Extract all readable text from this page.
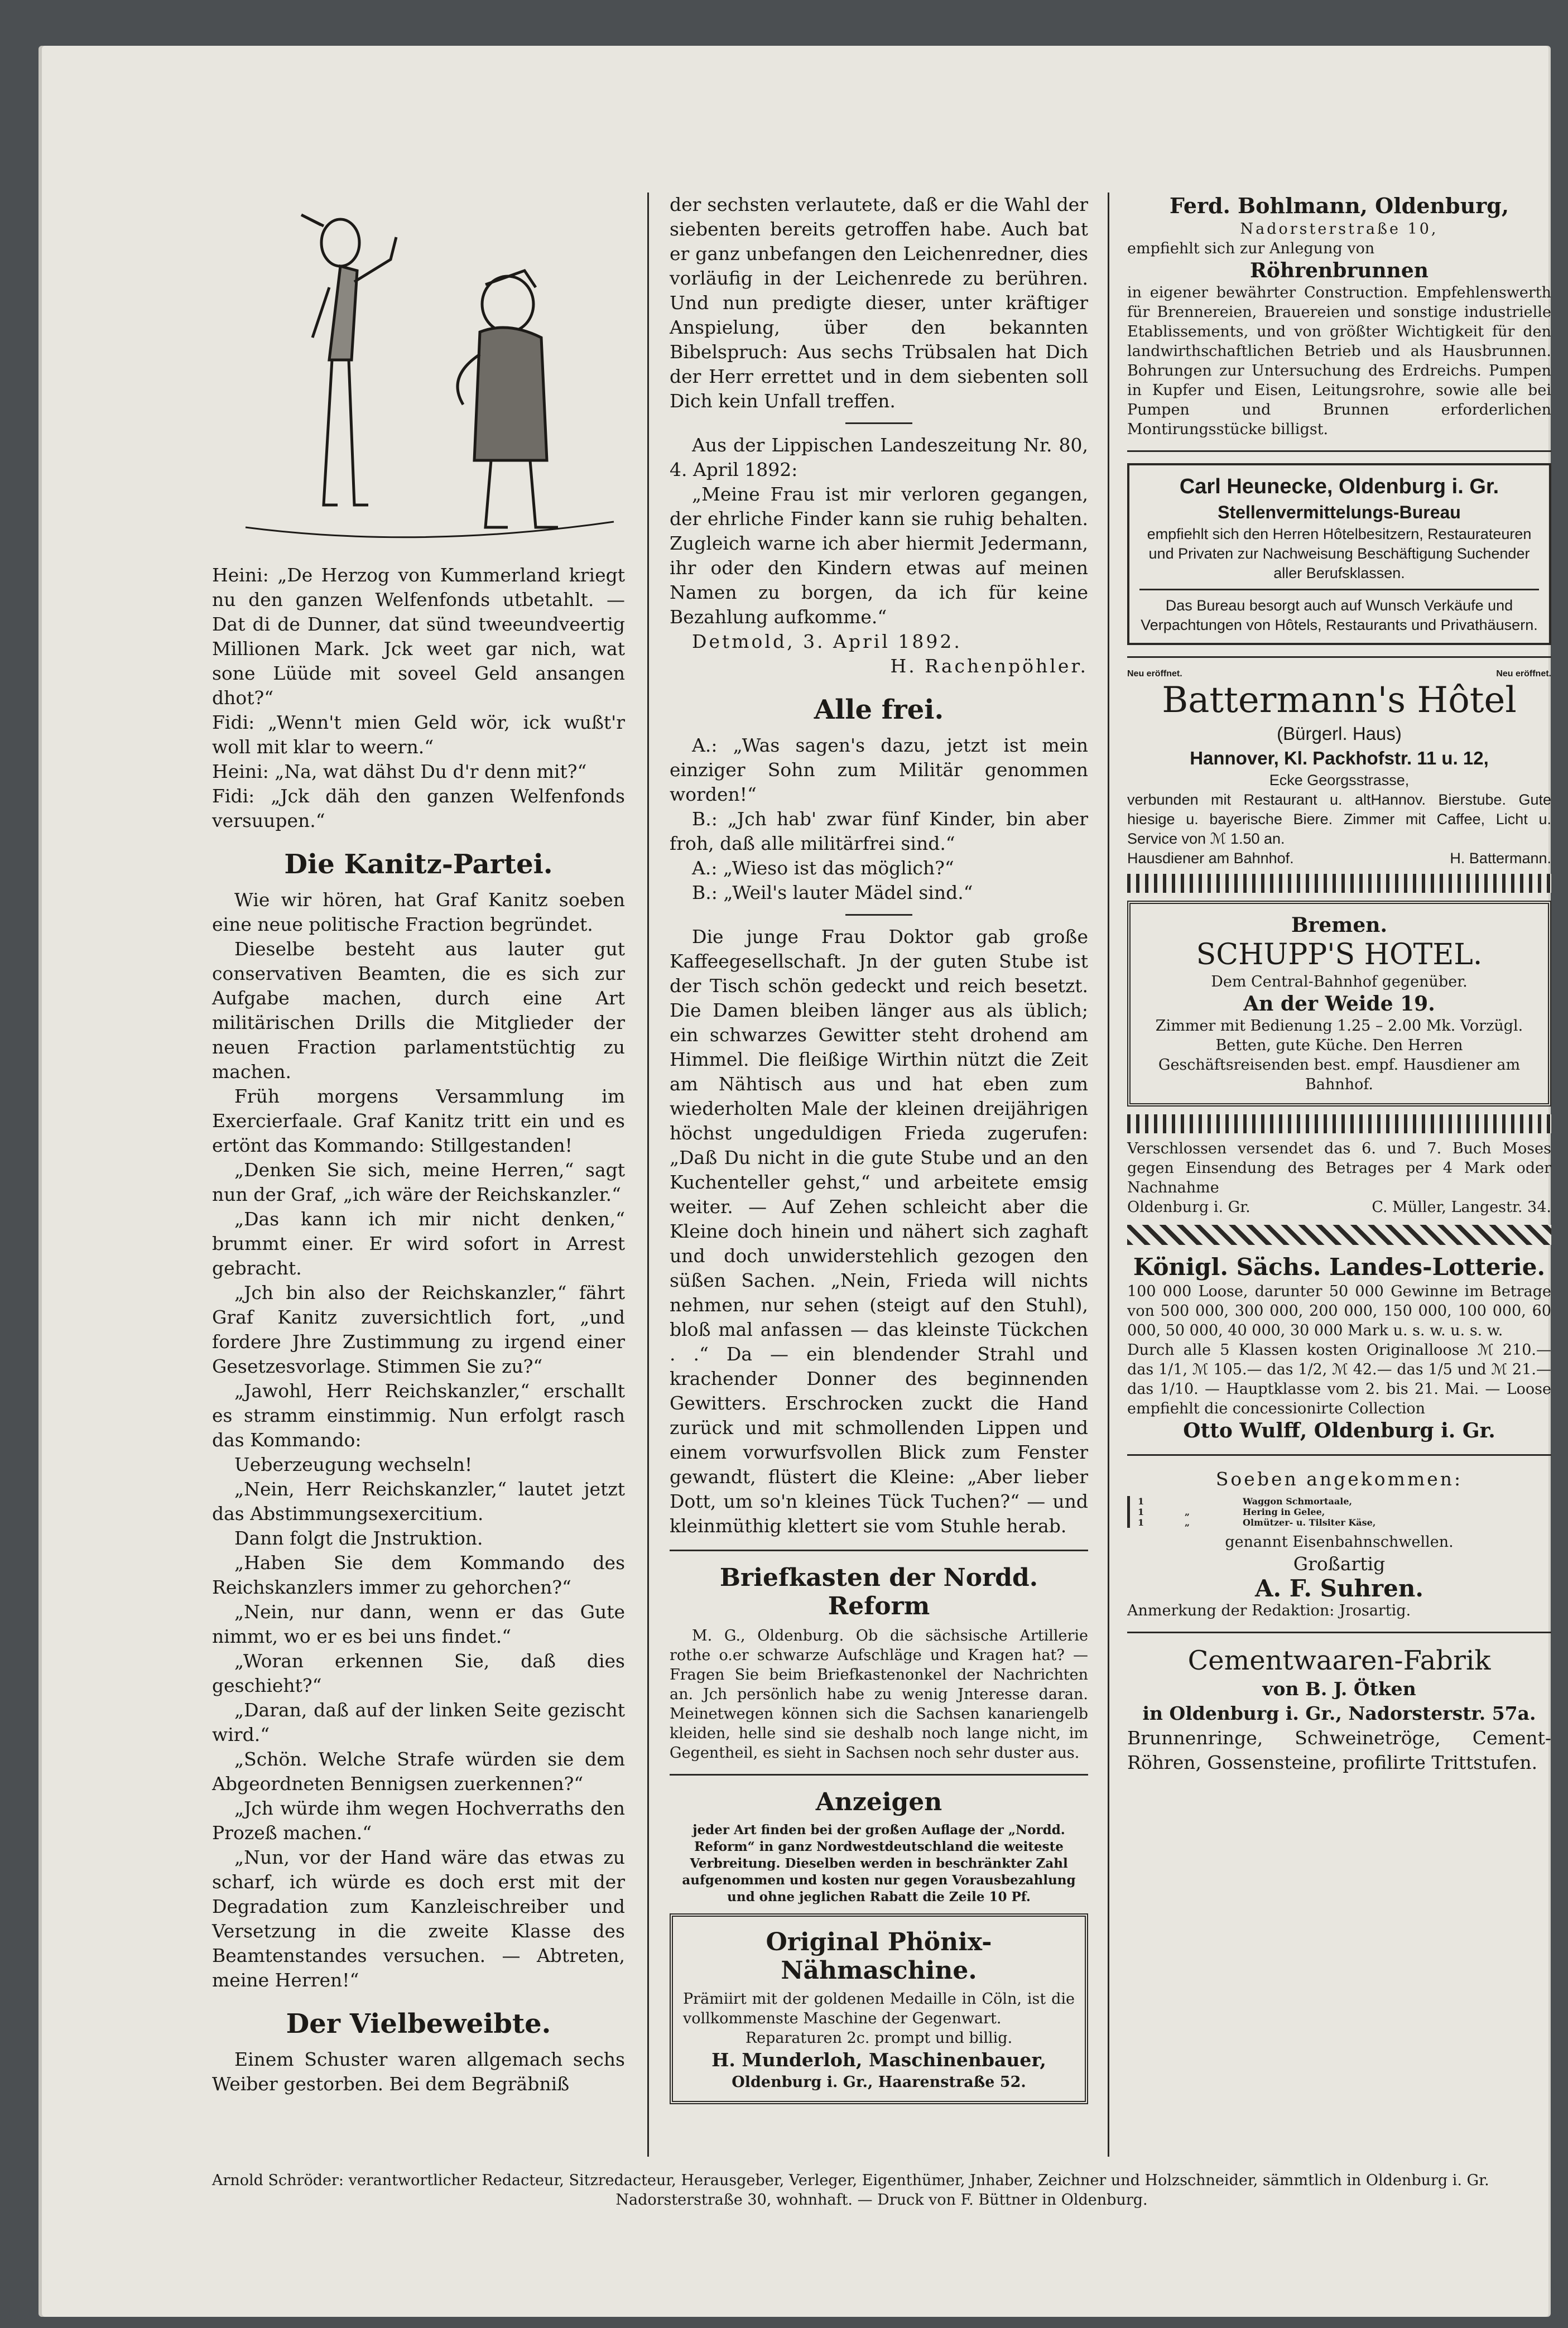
Heini: „De Herzog von Kummerland kriegt nu den ganzen Welfenfonds utbetahlt. — Dat di de Dunner, dat sünd tweeundveertig Millionen Mark. Jck weet gar nich, wat sone Lüüde mit soveel Geld ansangen dhot?“

Fidi: „Wenn't mien Geld wör, ick wußt'r woll mit klar to weern.“

Heini: „Na, wat dähst Du d'r denn mit?“

Fidi: „Jck däh den ganzen Welfenfonds versuupen.“

Die Kanitz-Partei.

Wie wir hören, hat Graf Kanitz soeben eine neue politische Fraction begründet.

Dieselbe besteht aus lauter gut conservativen Beamten, die es sich zur Aufgabe machen, durch eine Art militärischen Drills die Mitglieder der neuen Fraction parlamentstüchtig zu machen.

Früh morgens Versammlung im Exercierfaale. Graf Kanitz tritt ein und es ertönt das Kommando: Stillgestanden!

„Denken Sie sich, meine Herren,“ sagt nun der Graf, „ich wäre der Reichskanzler.“

„Das kann ich mir nicht denken,“ brummt einer. Er wird sofort in Arrest gebracht.

„Jch bin also der Reichskanzler,“ fährt Graf Kanitz zuversichtlich fort, „und fordere Jhre Zustimmung zu irgend einer Gesetzesvorlage. Stimmen Sie zu?“

„Jawohl, Herr Reichskanzler,“ erschallt es stramm einstimmig. Nun erfolgt rasch das Kommando:

Ueberzeugung wechseln!

„Nein, Herr Reichskanzler,“ lautet jetzt das Abstimmungsexercitium.

Dann folgt die Jnstruktion.

„Haben Sie dem Kommando des Reichskanzlers immer zu gehorchen?“

„Nein, nur dann, wenn er das Gute nimmt, wo er es bei uns findet.“

„Woran erkennen Sie, daß dies geschieht?“

„Daran, daß auf der linken Seite gezischt wird.“

„Schön. Welche Strafe würden sie dem Abgeordneten Bennigsen zuerkennen?“

„Jch würde ihm wegen Hochverraths den Prozeß machen.“

„Nun, vor der Hand wäre das etwas zu scharf, ich würde es doch erst mit der Degradation zum Kanzleischreiber und Versetzung in die zweite Klasse des Beamtenstandes versuchen. — Abtreten, meine Herren!“

Der Vielbeweibte.

Einem Schuster waren allgemach sechs Weiber gestorben. Bei dem Begräbniß

der sechsten verlautete, daß er die Wahl der siebenten bereits getroffen habe. Auch bat er ganz unbefangen den Leichenredner, dies vorläufig in der Leichenrede zu berühren. Und nun predigte dieser, unter kräftiger Anspielung, über den bekannten Bibelspruch: Aus sechs Trübsalen hat Dich der Herr errettet und in dem siebenten soll Dich kein Unfall treffen.

Aus der Lippischen Landeszeitung Nr. 80, 4. April 1892:

„Meine Frau ist mir verloren gegangen, der ehrliche Finder kann sie ruhig behalten. Zugleich warne ich aber hiermit Jedermann, ihr oder den Kindern etwas auf meinen Namen zu borgen, da ich für keine Bezahlung aufkomme.“

Detmold, 3. April 1892.

H. Rachenpöhler.

Alle frei.

A.: „Was sagen's dazu, jetzt ist mein einziger Sohn zum Militär genommen worden!“

B.: „Jch hab' zwar fünf Kinder, bin aber froh, daß alle militärfrei sind.“

A.: „Wieso ist das möglich?“

B.: „Weil's lauter Mädel sind.“

Die junge Frau Doktor gab große Kaffeegesellschaft. Jn der guten Stube ist der Tisch schön gedeckt und reich besetzt. Die Damen bleiben länger aus als üblich; ein schwarzes Gewitter steht drohend am Himmel. Die fleißige Wirthin nützt die Zeit am Nähtisch aus und hat eben zum wiederholten Male der kleinen dreijährigen höchst ungeduldigen Frieda zugerufen: „Daß Du nicht in die gute Stube und an den Kuchenteller gehst,“ und arbeitete emsig weiter. — Auf Zehen schleicht aber die Kleine doch hinein und nähert sich zaghaft und doch unwiderstehlich gezogen den süßen Sachen. „Nein, Frieda will nichts nehmen, nur sehen (steigt auf den Stuhl), bloß mal anfassen — das kleinste Tückchen . .“ Da — ein blendender Strahl und krachender Donner des beginnenden Gewitters. Erschrocken zuckt die Hand zurück und mit schmollenden Lippen und einem vorwurfsvollen Blick zum Fenster gewandt, flüstert die Kleine: „Aber lieber Dott, um so'n kleines Tück Tuchen?“ — und kleinmüthig klettert sie vom Stuhle herab.

Briefkasten der Nordd. Reform

M. G., Oldenburg. Ob die sächsische Artillerie rothe o.er schwarze Aufschläge und Kragen hat? — Fragen Sie beim Briefkastenonkel der Nachrichten an. Jch persönlich habe zu wenig Jnteresse daran. Meinetwegen können sich die Sachsen kanariengelb kleiden, helle sind sie deshalb noch lange nicht, im Gegentheil, es sieht in Sachsen noch sehr duster aus.

Anzeigen

jeder Art finden bei der großen Auflage der „Nordd. Reform“ in ganz Nordwestdeutschland die weiteste Verbreitung. Dieselben werden in beschränkter Zahl aufgenommen und kosten nur gegen Vorausbezahlung und ohne jeglichen Rabatt die Zeile 10 Pf.

Original Phönix-Nähmaschine.

Prämiirt mit der goldenen Medaille in Cöln, ist die vollkommenste Maschine der Gegenwart.

Reparaturen 2c. prompt und billig.

H. Munderloh, Maschinenbauer,

Oldenburg i. Gr., Haarenstraße 52.

Ferd. Bohlmann, Oldenburg,

Nadorsterstraße 10,

empfiehlt sich zur Anlegung von

Röhrenbrunnen

in eigener bewährter Construction. Empfehlenswerth für Brennereien, Brauereien und sonstige industrielle Etablissements, und von größter Wichtigkeit für den landwirthschaftlichen Betrieb und als Hausbrunnen. Bohrungen zur Untersuchung des Erdreichs. Pumpen in Kupfer und Eisen, Leitungsrohre, sowie alle bei Pumpen und Brunnen erforderlichen Montirungsstücke billigst.

Carl Heunecke, Oldenburg i. Gr.

Stellenvermittelungs-Bureau

empfiehlt sich den Herren Hôtelbesitzern, Restaurateuren und Privaten zur Nachweisung Beschäftigung Suchender aller Berufsklassen.

Das Bureau besorgt auch auf Wunsch Verkäufe und Verpachtungen von Hôtels, Restaurants und Privathäusern.

Neu eröffnet.	Neu eröffnet.

Battermann's Hôtel

(Bürgerl. Haus)

Hannover, Kl. Packhofstr. 11 u. 12,

Ecke Georgsstrasse,

verbunden mit Restaurant u. altHannov. Bierstube. Gute hiesige u. bayerische Biere. Zimmer mit Caffee, Licht u. Service von ℳ 1.50 an.

Hausdiener am Bahnhof.	H. Battermann.

Bremen.

SCHUPP'S HOTEL.

Dem Central-Bahnhof gegenüber.

An der Weide 19.

Zimmer mit Bedienung 1.25 – 2.00 Mk. Vorzügl. Betten, gute Küche. Den Herren Geschäftsreisenden best. empf. Hausdiener am Bahnhof.

Verschlossen versendet das 6. und 7. Buch Moses gegen Einsendung des Betrages per 4 Mark oder Nachnahme

Oldenburg i. Gr.	C. Müller, Langestr. 34.

Königl. Sächs. Landes-Lotterie.

100 000 Loose, darunter 50 000 Gewinne im Betrage von 500 000, 300 000, 200 000, 150 000, 100 000, 60 000, 50 000, 40 000, 30 000 Mark u. s. w. u. s. w.

Durch alle 5 Klassen kosten Originalloose ℳ 210.— das 1/1, ℳ 105.— das 1/2, ℳ 42.— das 1/5 und ℳ 21.— das 1/10. — Hauptklasse vom 2. bis 21. Mai. — Loose empfiehlt die concessionirte Collection

Otto Wulff, Oldenburg i. Gr.

Soeben angekommen:

1	Waggon Schmortaale,
1	„	Hering in Gelee,
1	„	Olmützer- u. Tilsiter Käse,

genannt Eisenbahnschwellen.

Großartig

A. F. Suhren.

Anmerkung der Redaktion: Jrosartig.

Cementwaaren-Fabrik

von B. J. Ötken

in Oldenburg i. Gr., Nadorsterstr. 57a.

Brunnenringe, Schweinetröge, Cement-Röhren, Gossensteine, profilirte Trittstufen.

Arnold Schröder: verantwortlicher Redacteur, Sitzredacteur, Herausgeber, Verleger, Eigenthümer, Jnhaber, Zeichner und Holzschneider, sämmtlich in Oldenburg i. Gr.

Nadorsterstraße 30, wohnhaft. — Druck von F. Büttner in Oldenburg.
